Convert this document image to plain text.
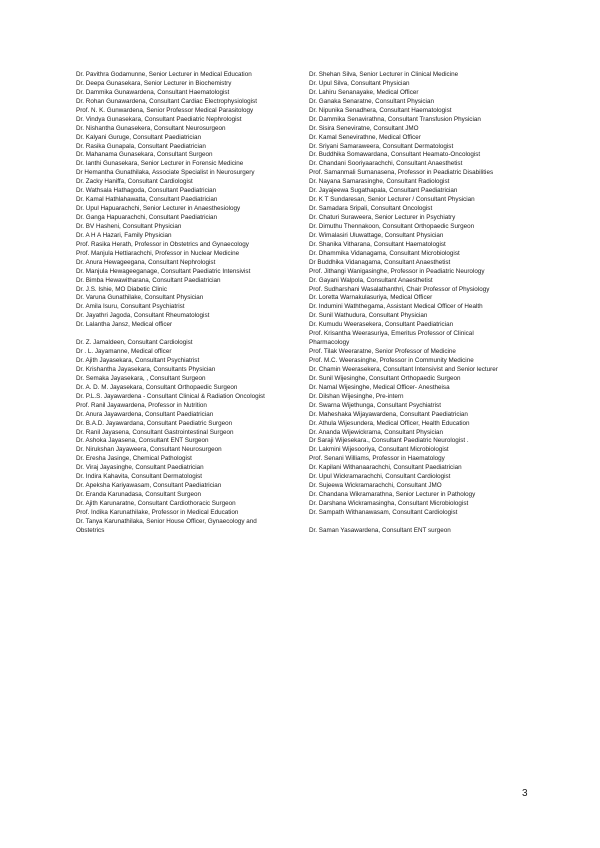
Dr. Pavithra Godamunne, Senior Lecturer in Medical Education
Dr. Deepa Gunasekara, Senior Lecturer in Biochemistry
Dr. Dammika Gunawardena, Consultant Haematologist
Dr. Rohan Gunawardena, Consultant Cardiac Electrophysiologist
Prof. N. K. Gunwardena, Senior Professor Medical Parasitology
Dr. Vindya Gunasekara, Consultant Paediatric Nephrologist
Dr. Nishantha Gunasekera, Consultant Neurosurgeon
Dr. Kalyani Guruge, Consultant Paediatrician
Dr. Rasika Gunapala, Consultant Paediatrician
Dr. Mahanama Gunasekara, Consultant Surgeon
Dr. Ianthi Gunasekara, Senior Lecturer in Forensic Medicine
Dr Hemantha Gunathilaka, Associate Specialist in Neurosurgery
Dr. Zacky Haniffa, Consultant Cardiologist
Dr. Wathsala Hathagoda, Consultant Paediatrician
Dr. Kamal Hathlahawatta, Consultant Paediatrician
Dr. Upul Hapuarachchi, Senior Lecturer in Anaesthesiology
Dr. Ganga Hapuarachchi, Consultant Paediatrician
Dr. BV Hasheni, Consultant Physician
Dr. A H A Hazari, Family Physician
Prof. Rasika Herath, Professor in Obstetrics and Gynaecology
Prof. Manjula Hettiarachchi, Professor in Nuclear Medicine
Dr. Anura Hewageegana, Consultant Nephrologist
Dr. Manjula Hewageeganage, Consultant Paediatric Intensivist
Dr. Bimba Hewawitharana, Consultant Paediatrician
Dr. J.S. Ishie, MO Diabetic Clinic
Dr. Varuna Gunathilake, Consultant Physician
Dr. Amila Isuru, Consultant Psychiatrist
Dr. Jayathri Jagoda, Consultant Rheumatologist
Dr. Lalantha Jansz, Medical officer
Dr. Z. Jamaldeen, Consultant Cardiologist
Dr . L. Jayamanne, Medical officer
Dr. Ajith Jayasekara, Consultant Psychiatrist
Dr. Krishantha Jayasekara, Consultants Physician
Dr. Semaka Jayasekara, , Consultant Surgeon
Dr. A. D. M. Jayasekara, Consultant Orthopaedic Surgeon
Dr. P.L.S. Jayawardena - Consultant Clinical & Radiation Oncologist
Prof. Ranil Jayawardena, Professor in Nutrition
Dr. Anura Jayawardena, Consultant Paediatrician
Dr. B.A.D. Jayawardana, Consultant Paediatric Surgeon
Dr. Ranil Jayasena, Consultant Gastrointestinal Surgeon
Dr. Ashoka Jayasena, Consultant ENT Surgeon
Dr. Nirukshan Jayaweera, Consultant Neurosurgeon
Dr. Eresha Jasinge, Chemical Pathologist
Dr. Viraj Jayasinghe, Consultant Paediatrician
Dr. Indira Kahavita, Consultant Dermatologist
Dr. Apeksha Kariyawasam, Consultant Paediatrician
Dr. Eranda Karunadasa, Consultant Surgeon
Dr. Ajith Karunaratne, Consultant Cardiothoracic Surgeon
Prof. Indika Karunathilake, Professor in Medical Education
Dr. Tanya Karunathilaka, Senior House Officer, Gynaecology and
Obstetrics
Dr. Shehan Silva, Senior Lecturer in Clinical Medicine
Dr. Upul Silva, Consultant Physician
Dr. Lahiru Senanayake, Medical Officer
Dr. Ganaka Senaratne, Consultant Physician
Dr. Nipunika Senadhera, Consultant Haematologist
Dr. Dammika Senavirathna, Consultant Transfusion Physician
Dr. Sisira Seneviratne, Consultant JMO
Dr. Kamal Senevirathne, Medical Officer
Dr. Sriyani Samaraweera, Consultant Dermatologist
Dr. Buddhika Somawardana, Consultant Heamato-Oncologist
Dr. Chandani Sooriyaarachchi, Consultant Anaesthetist
Prof. Samanmali Sumanasena, Professor in Peadiatric Disabilities
Dr. Nayana Samarasinghe, Consultant Radiologist
Dr. Jayajeewa Sugathapala, Consultant Paediatrician
Dr. K T Sundaresan, Senior Lecturer / Consultant Physician
Dr. Samadara Sripali, Consultant Oncologist
Dr. Chaturi Suraweera, Senior Lecturer in Psychiatry
Dr. Dimuthu Thennakoon, Consultant Orthopaedic Surgeon
Dr. Wimalasiri Uluwattage, Consultant Physician
Dr. Shanika Vitharana, Consultant Haematologist
Dr. Dhammika Vidanagama, Consultant Microbiologist
Dr Buddhika Vidanagama, Consultant Anaesthetist
Prof. Jithangi Wanigasinghe, Professor in Peadiatric Neurology
Dr. Gayani Walpola, Consultant Anaesthetist
Prof. Sudharshani Wasalathanthri, Chair Professor of Physiology
Dr. Loretta Warnakulasuriya, Medical Officer
Dr. Indumini Waththegama, Assistant Medical Officer of Health
Dr. Sunil Wathudura, Consultant Physician
Dr. Kumudu Weerasekera, Consultant Paediatrician
Prof. Krisantha Weerasuriya, Emeritus Professor of Clinical
Pharmacology
Prof. Tilak Weeraratne, Senior Professor of Medicine
Prof. M.C. Weerasinghe, Professor in Community Medicine
Dr. Chamin Weerasekera, Consultant Intensivist and Senior lecturer
Dr. Sunil Wijesinghe, Consultant Orthopaedic Surgeon
Dr. Namal Wijesinghe, Medical Officer- Anestheisa
Dr. Dilshan Wijesinghe, Pre-intern
Dr. Swarna Wijethunga, Consultant Psychiatrist
Dr. Maheshaka Wijayawardena, Consultant Paediatrician
Dr. Athula Wijesundera, Medical Officer, Health Education
Dr. Ananda Wijewickrama, Consultant Physician
Dr Saraji Wijesekara., Consultant Paediatric Neurologist .
Dr. Lakmini Wijesooriya, Consultant Microbiologist
Prof. Senani Williams, Professor in Haematology
Dr. Kapilani Withanaarachchi, Consultant Paediatrician
Dr. Upul Wickramarachchi, Consultant Cardiologist
Dr. Sujeewa Wickramarachchi, Consultant JMO
Dr. Chandana Wikramarathna, Senior Lecturer in Pathology
Dr. Darshana Wickramasingha, Consultant Microbiologist
Dr. Sampath Withanawasam, Consultant Cardiologist
Dr. Saman Yasawardena, Consultant ENT surgeon
3
